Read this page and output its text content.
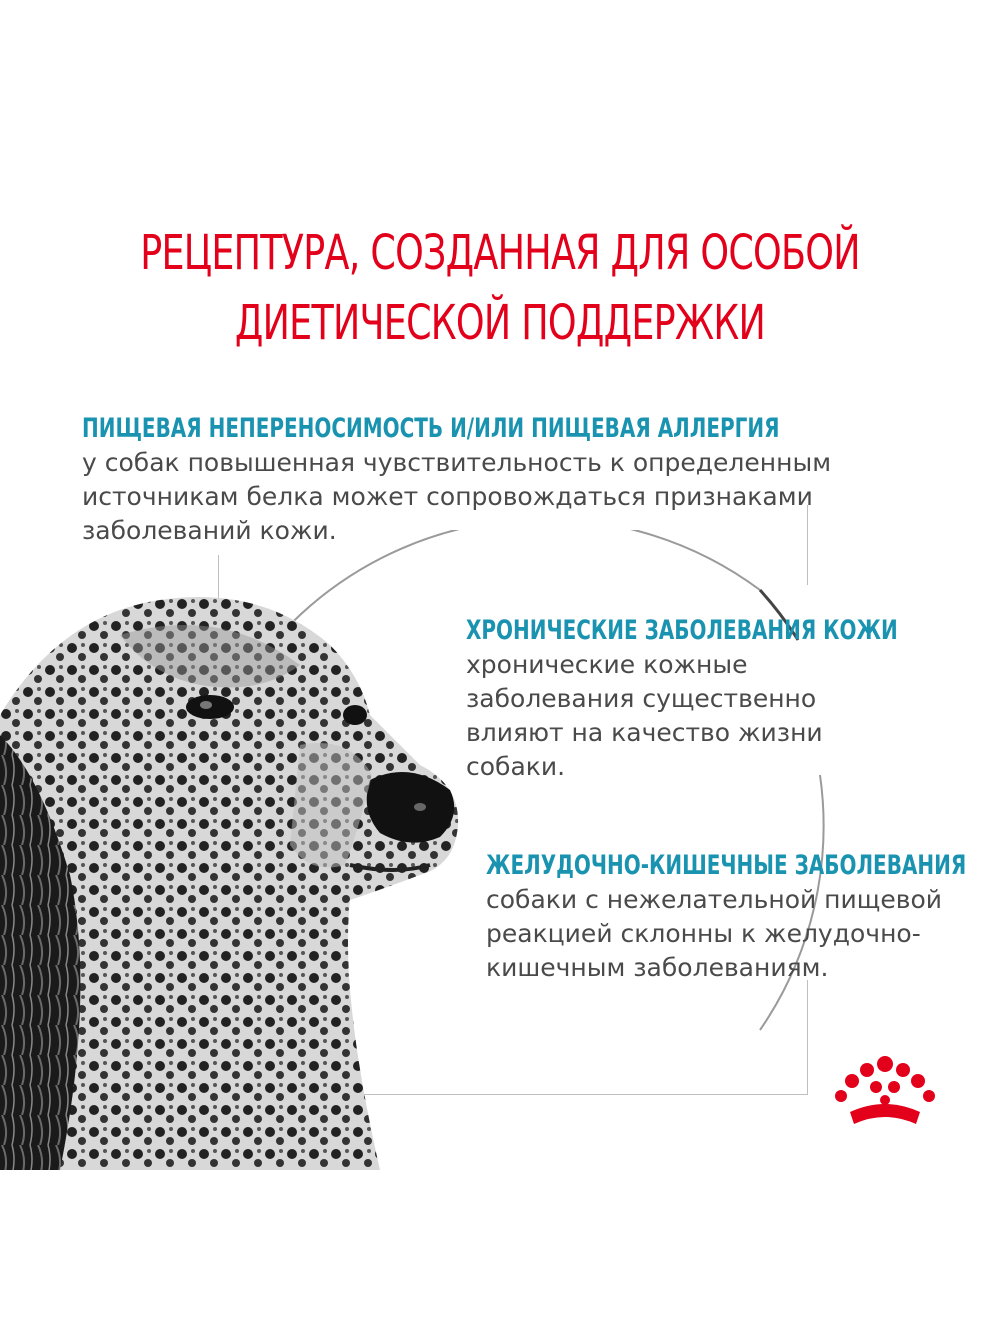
РЕЦЕПТУРА, СОЗДАННАЯ ДЛЯ ОСОБОЙ
ДИЕТИЧЕСКОЙ ПОДДЕРЖКИ
ПИЩЕВАЯ НЕПЕРЕНОСИМОСТЬ И/ИЛИ ПИЩЕВАЯ АЛЛЕРГИЯ
у собак повышенная чувствительность к определенным
источникам белка может сопровождаться признаками
заболеваний кожи.
ХРОНИЧЕСКИЕ ЗАБОЛЕВАНИЯ КОЖИ
хронические кожные
заболевания существенно
влияют на качество жизни
собаки.
ЖЕЛУДОЧНО-КИШЕЧНЫЕ ЗАБОЛЕВАНИЯ
собаки с нежелательной пищевой
реакцией склонны к желудочно-
кишечным заболеваниям.
